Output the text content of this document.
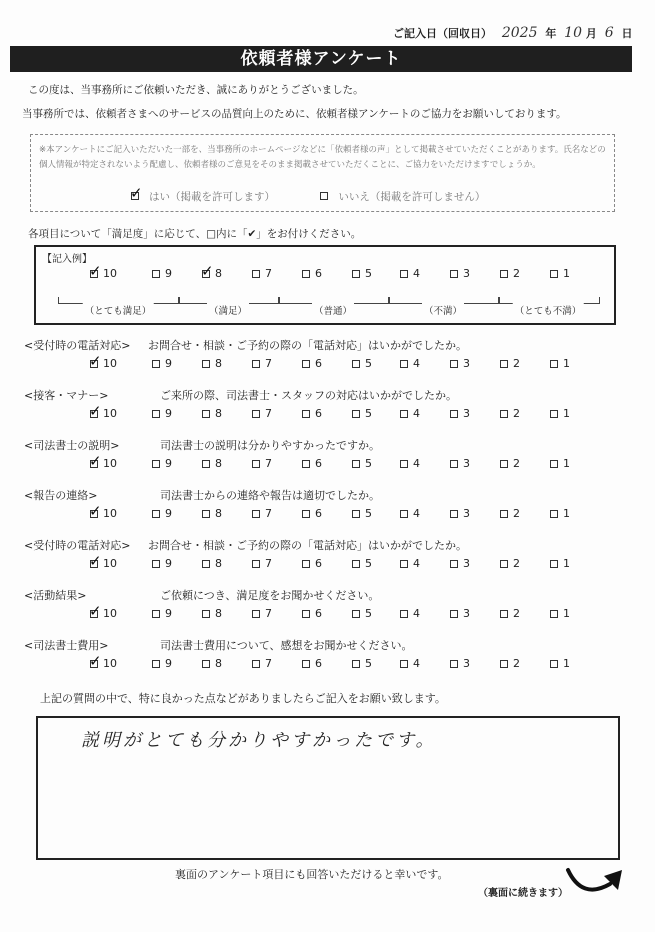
ご記入日（回収日） 2025 年 10 月 6 日
依頼者様アンケート
この度は、当事務所にご依頼いただき、誠にありがとうございました。
当事務所では、依頼者さまへのサービスの品質向上のために、依頼者様アンケートのご協力をお願いしております。
※本アンケートにご記入いただいた一部を、当事務所のホームページなどに「依頼者様の声」として掲載させていただくことがあります。氏名などの個人情報が特定されないよう配慮し、依頼者様のご意見をそのまま掲載させていただくことに、ご協力をいただけますでしょうか。
✓はい（掲載を許可します）	いいえ（掲載を許可しません）
各項目について「満足度」に応じて、□内に「✔」をお付けください。
【記入例】
✓
10	9
✓	8	7	6	5	4	3	2	1
（とても満足）	（満足）	（普通）	（不満）	（とても不満）
<受付時の電話対応> お問合せ・相談・ご予約の際の「電話対応」はいかがでしたか。
✓
10	9	8	7	6	5	4	3	2	1
<接客・マナー>	ご来所の際、司法書士・スタッフの対応はいかがでしたか。
✓
10	9	8	7	6	5	4	3	2	1
<司法書士の説明>	司法書士の説明は分かりやすかったですか。
✓
10	9	8	7	6	5	4	3	2	1
<報告の連絡>	司法書士からの連絡や報告は適切でしたか。
✓
10	9	8	7	6	5	4	3	2	1
<受付時の電話対応> お問合せ・相談・ご予約の際の「電話対応」はいかがでしたか。
✓
10	9	8	7	6	5	4	3	2	1
<活動結果>	ご依頼につき、満足度をお聞かせください。
✓
10	9	8	7	6	5	4	3	2	1
<司法書士費用>	司法書士費用について、感想をお聞かせください。
✓
10	9	8	7	6	5	4	3	2	1
上記の質問の中で、特に良かった点などがありましたらご記入をお願い致します。
説明がとても分かりやすかったです。
裏面のアンケート項目にも回答いただけると幸いです。
（裏面に続きます）
